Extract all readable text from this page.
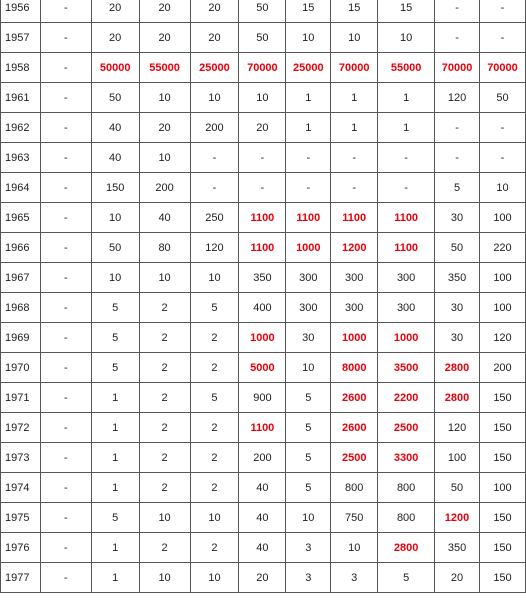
1956	-	20	20	20	50	15	15	15	-	-
1957	-	20	20	20	50	10	10	10	-	-
1958	-	50000	55000	25000	70000	25000	70000	55000	70000	70000
1961	-	50	10	10	10	1	1	1	120	50
1962	-	40	20	200	20	1	1	1	-	-
1963	-	40	10	-	-	-	-	-	-	-
1964	-	150	200	-	-	-	-	-	5	10
1965	-	10	40	250	1100	1100	1100	1100	30	100
1966	-	50	80	120	1100	1000	1200	1100	50	220
1967	-	10	10	10	350	300	300	300	350	100
1968	-	5	2	5	400	300	300	300	30	100
1969	-	5	2	2	1000	30	1000	1000	30	120
1970	-	5	2	2	5000	10	8000	3500	2800	200
1971	-	1	2	5	900	5	2600	2200	2800	150
1972	-	1	2	2	1100	5	2600	2500	120	150
1973	-	1	2	2	200	5	2500	3300	100	150
1974	-	1	2	2	40	5	800	800	50	100
1975	-	5	10	10	40	10	750	800	1200	150
1976	-	1	2	2	40	3	10	2800	350	150
1977	-	1	10	10	20	3	3	5	20	150
